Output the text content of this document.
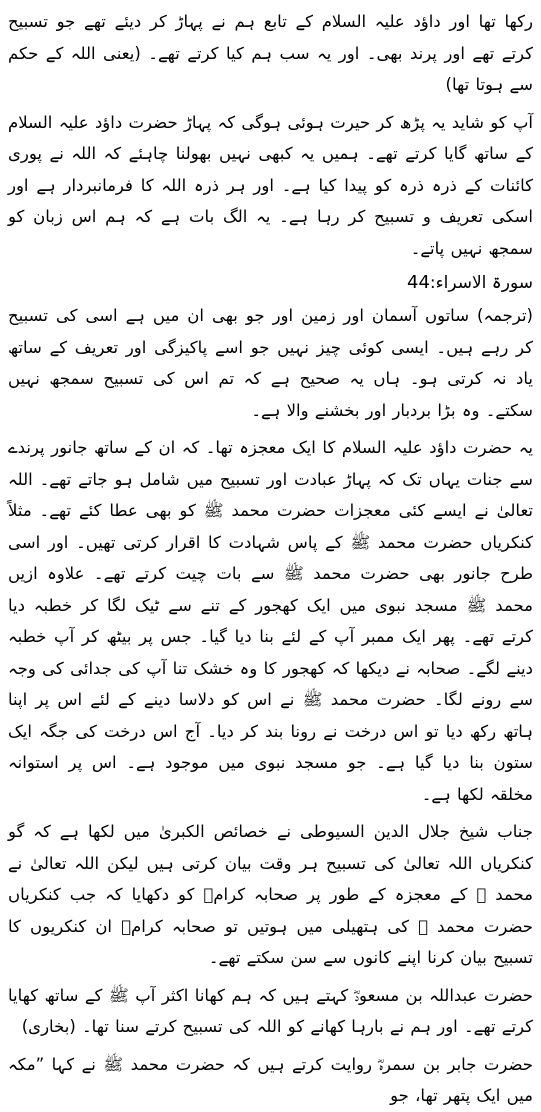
رکھا تھا اور داؤد علیہ السلام کے تابع ہم نے پہاڑ کر دیئے تھے جو تسبیح کرتے تھے اور پرند بھی۔ اور یہ سب ہم کیا کرتے تھے۔ (یعنی اللہ کے حکم سے ہوتا تھا)

آپ کو شاید یہ پڑھ کر حیرت ہوئی ہوگی کہ پہاڑ حضرت داؤد علیہ السلام کے ساتھ گایا کرتے تھے۔ ہمیں یہ کبھی نہیں بھولنا چاہئے کہ اللہ نے پوری کائنات کے ذرہ ذرہ کو پیدا کیا ہے۔ اور ہر ذرہ اللہ کا فرمانبردار ہے اور اسکی تعریف و تسبیح کر رہا ہے۔ یہ الگ بات ہے کہ ہم اس زبان کو سمجھ نہیں پاتے۔

سورۃ الاسراء:44

(ترجمہ) ساتوں آسمان اور زمین اور جو بھی ان میں ہے اسی کی تسبیح کر رہے ہیں۔ ایسی کوئی چیز نہیں جو اسے پاکیزگی اور تعریف کے ساتھ یاد نہ کرتی ہو۔ ہاں یہ صحیح ہے کہ تم اس کی تسبیح سمجھ نہیں سکتے۔ وہ بڑا بردبار اور بخشنے والا ہے۔

یہ حضرت داؤد علیہ السلام کا ایک معجزہ تھا۔ کہ ان کے ساتھ جانور پرندے سے جنات یہاں تک کہ پہاڑ عبادت اور تسبیح میں شامل ہو جاتے تھے۔ اللہ تعالیٰ نے ایسے کئی معجزات حضرت محمد ﷺ کو بھی عطا کئے تھے۔ مثلاً کنکریاں حضرت محمد ﷺ کے پاس شہادت کا اقرار کرتی تھیں۔ اور اسی طرح جانور بھی حضرت محمد ﷺ سے بات چیت کرتے تھے۔ علاوہ ازیں محمد ﷺ مسجد نبوی میں ایک کھجور کے تنے سے ٹیک لگا کر خطبہ دیا کرتے تھے۔ پھر ایک ممبر آپ کے لئے بنا دیا گیا۔ جس پر بیٹھ کر آپ خطبہ دینے لگے۔ صحابہ نے دیکھا کہ کھجور کا وہ خشک تنا آپ کی جدائی کی وجہ سے رونے لگا۔ حضرت محمد ﷺ نے اس کو دلاسا دینے کے لئے اس پر اپنا ہاتھ رکھ دیا تو اس درخت نے رونا بند کر دیا۔ آج اس درخت کی جگہ ایک ستون بنا دیا گیا ہے۔ جو مسجد نبوی میں موجود ہے۔ اس پر استوانہ مخلقہ لکھا ہے۔

جناب شیخ جلال الدین السیوطی نے خصائص الکبریٰ میں لکھا ہے کہ گو کنکریاں اللہ تعالیٰ کی تسبیح ہر وقت بیان کرتی ہیں لیکن اللہ تعالیٰ نے محمد ﷺ کے معجزہ کے طور پر صحابہ کرامؓ کو دکھایا کہ جب کنکریاں حضرت محمد ﷺ کی ہتھیلی میں ہوتیں تو صحابہ کرامؓ ان کنکریوں کا تسبیح بیان کرنا اپنے کانوں سے سن سکتے تھے۔

حضرت عبداللہ بن مسعودؓ کہتے ہیں کہ ہم کھانا اکثر آپ ﷺ کے ساتھ کھایا کرتے تھے۔ اور ہم نے بارہا کھانے کو اللہ کی تسبیح کرتے سنا تھا۔ (بخاری)

حضرت جابر بن سمرہؓ روایت کرتے ہیں کہ حضرت محمد ﷺ نے کہا ”مکہ میں ایک پتھر تھا، جو
